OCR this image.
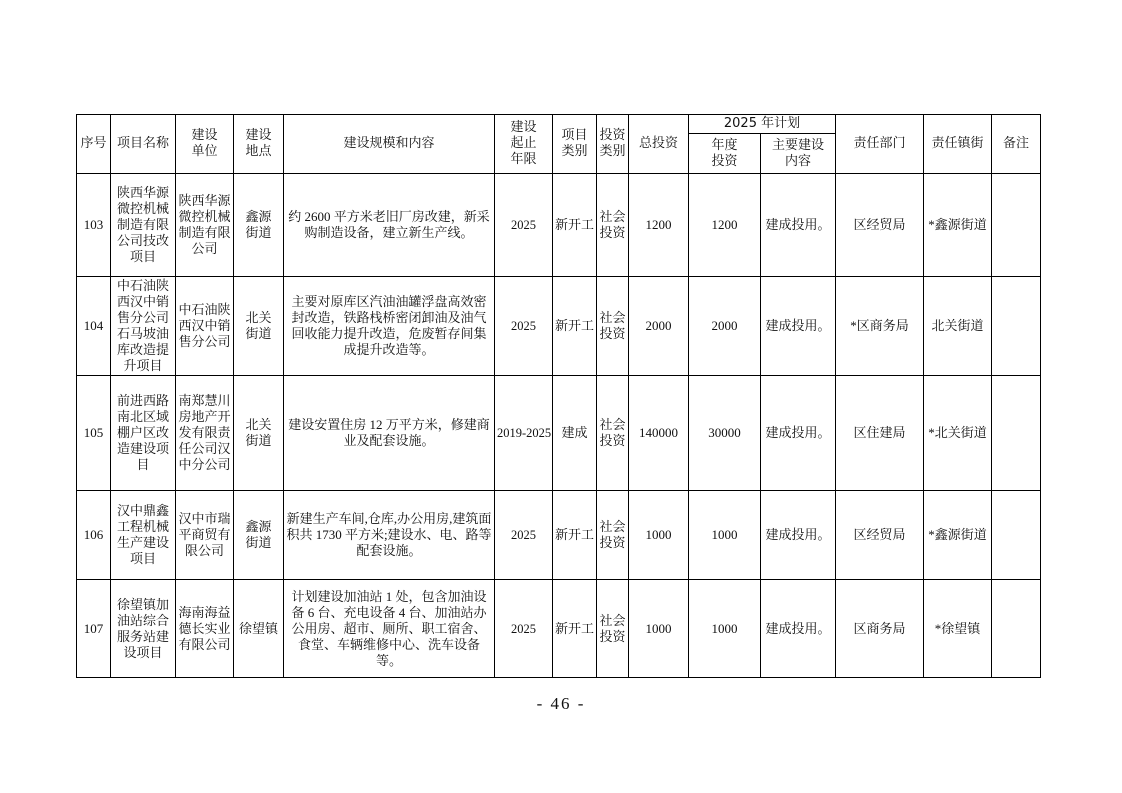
序号	项目名称	建设单位	建设地点	建设规模和内容	建设起止年限	项目类别	投资类别	总投资	2025 年计划		责任部门	责任镇街	备注
									年度投资	主要建设内容			
103	陕西华源微控机械制造有限公司技改项目	陕西华源微控机械制造有限公司	鑫源街道	约 2600 平方米老旧厂房改建，新采购制造设备，建立新生产线。	2025	新开工	社会投资	1200	1200	建成投用。	区经贸局	*鑫源街道	
104	中石油陕西汉中销售分公司石马坡油库改造提升项目	中石油陕西汉中销售分公司	北关街道	主要对原库区汽油油罐浮盘高效密封改造，铁路栈桥密闭卸油及油气回收能力提升改造，危废暂存间集成提升改造等。	2025	新开工	社会投资	2000	2000	建成投用。	*区商务局	北关街道	
105	前进西路南北区域棚户区改造建设项目	南郑慧川房地产开发有限责任公司汉中分公司	北关街道	建设安置住房 12 万平方米，修建商业及配套设施。	2019-2025	建成	社会投资	140000	30000	建成投用。	区住建局	*北关街道	
106	汉中鼎鑫工程机械生产建设项目	汉中市瑞平商贸有限公司	鑫源街道	新建生产车间,仓库,办公用房,建筑面积共 1730 平方米;建设水、电、路等配套设施。	2025	新开工	社会投资	1000	1000	建成投用。	区经贸局	*鑫源街道	
107	徐望镇加油站综合服务站建设项目	海南海益德长实业有限公司	徐望镇	计划建设加油站 1 处，包含加油设备 6 台、充电设备 4 台、加油站办公用房、超市、厕所、职工宿舍、食堂、车辆维修中心、洗车设备等。	2025	新开工	社会投资	1000	1000	建成投用。	区商务局	*徐望镇	
- 46 -
